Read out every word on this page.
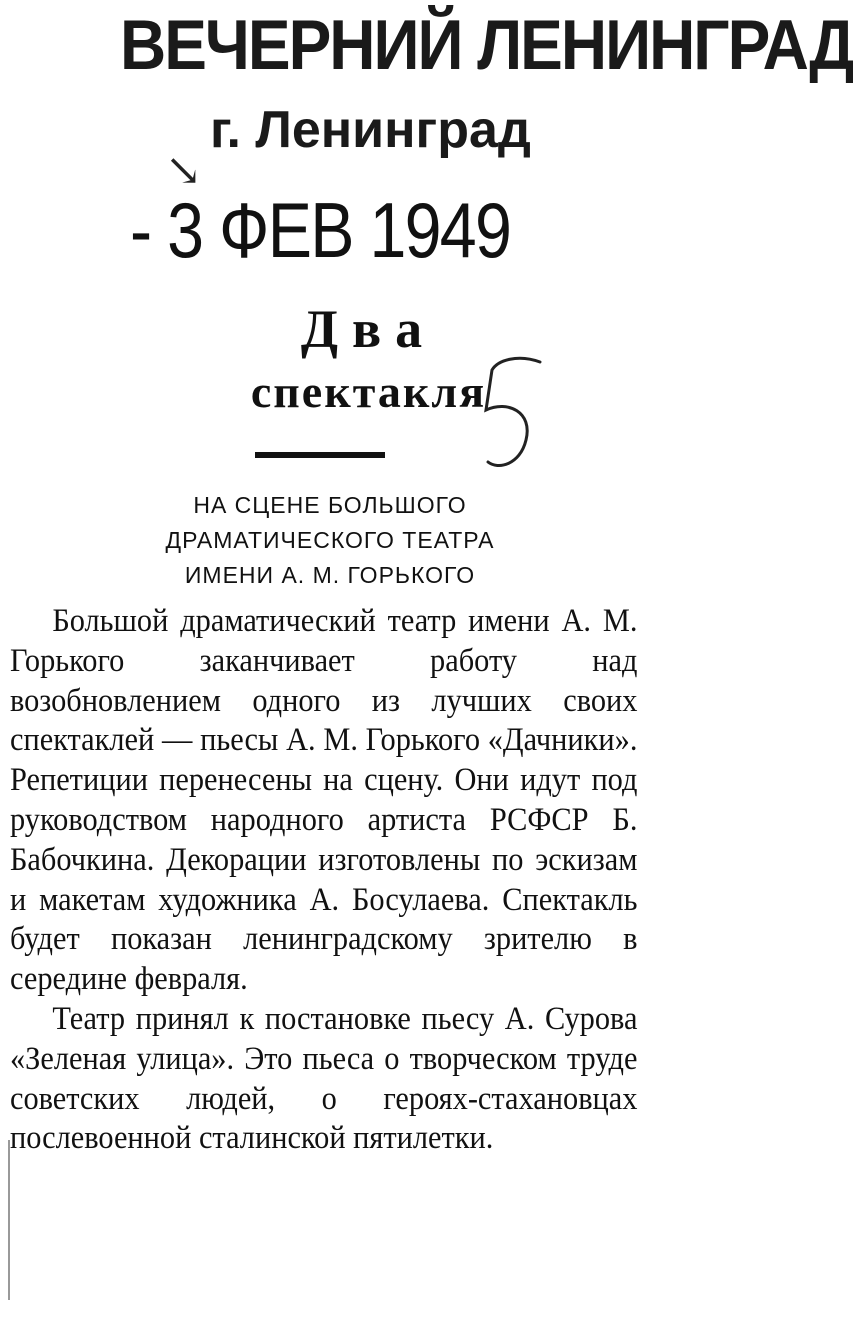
ВЕЧЕРНИЙ ЛЕНИНГРАД
г. Ленинград
↘
- 3 ФЕВ 1949
Два
спектакля
НА СЦЕНЕ БОЛЬШОГО
ДРАМАТИЧЕСКОГО ТЕАТРА
ИМЕНИ А. М. ГОРЬКОГО

Большой драматический театр имени А. М. Горького заканчивает работу над возобновлением одного из лучших своих спектаклей — пьесы А. М. Горького «Дачники». Репетиции перенесены на сцену. Они идут под руководством народного артиста РСФСР Б. Бабочкина. Декорации изготовлены по эскизам и макетам художника А. Босулаева. Спектакль будет показан ленинградскому зрителю в середине февраля.

Театр принял к постановке пьесу А. Сурова «Зеленая улица». Это пьеса о творческом труде советских людей, о героях-стахановцах послевоенной сталинской пятилетки.
